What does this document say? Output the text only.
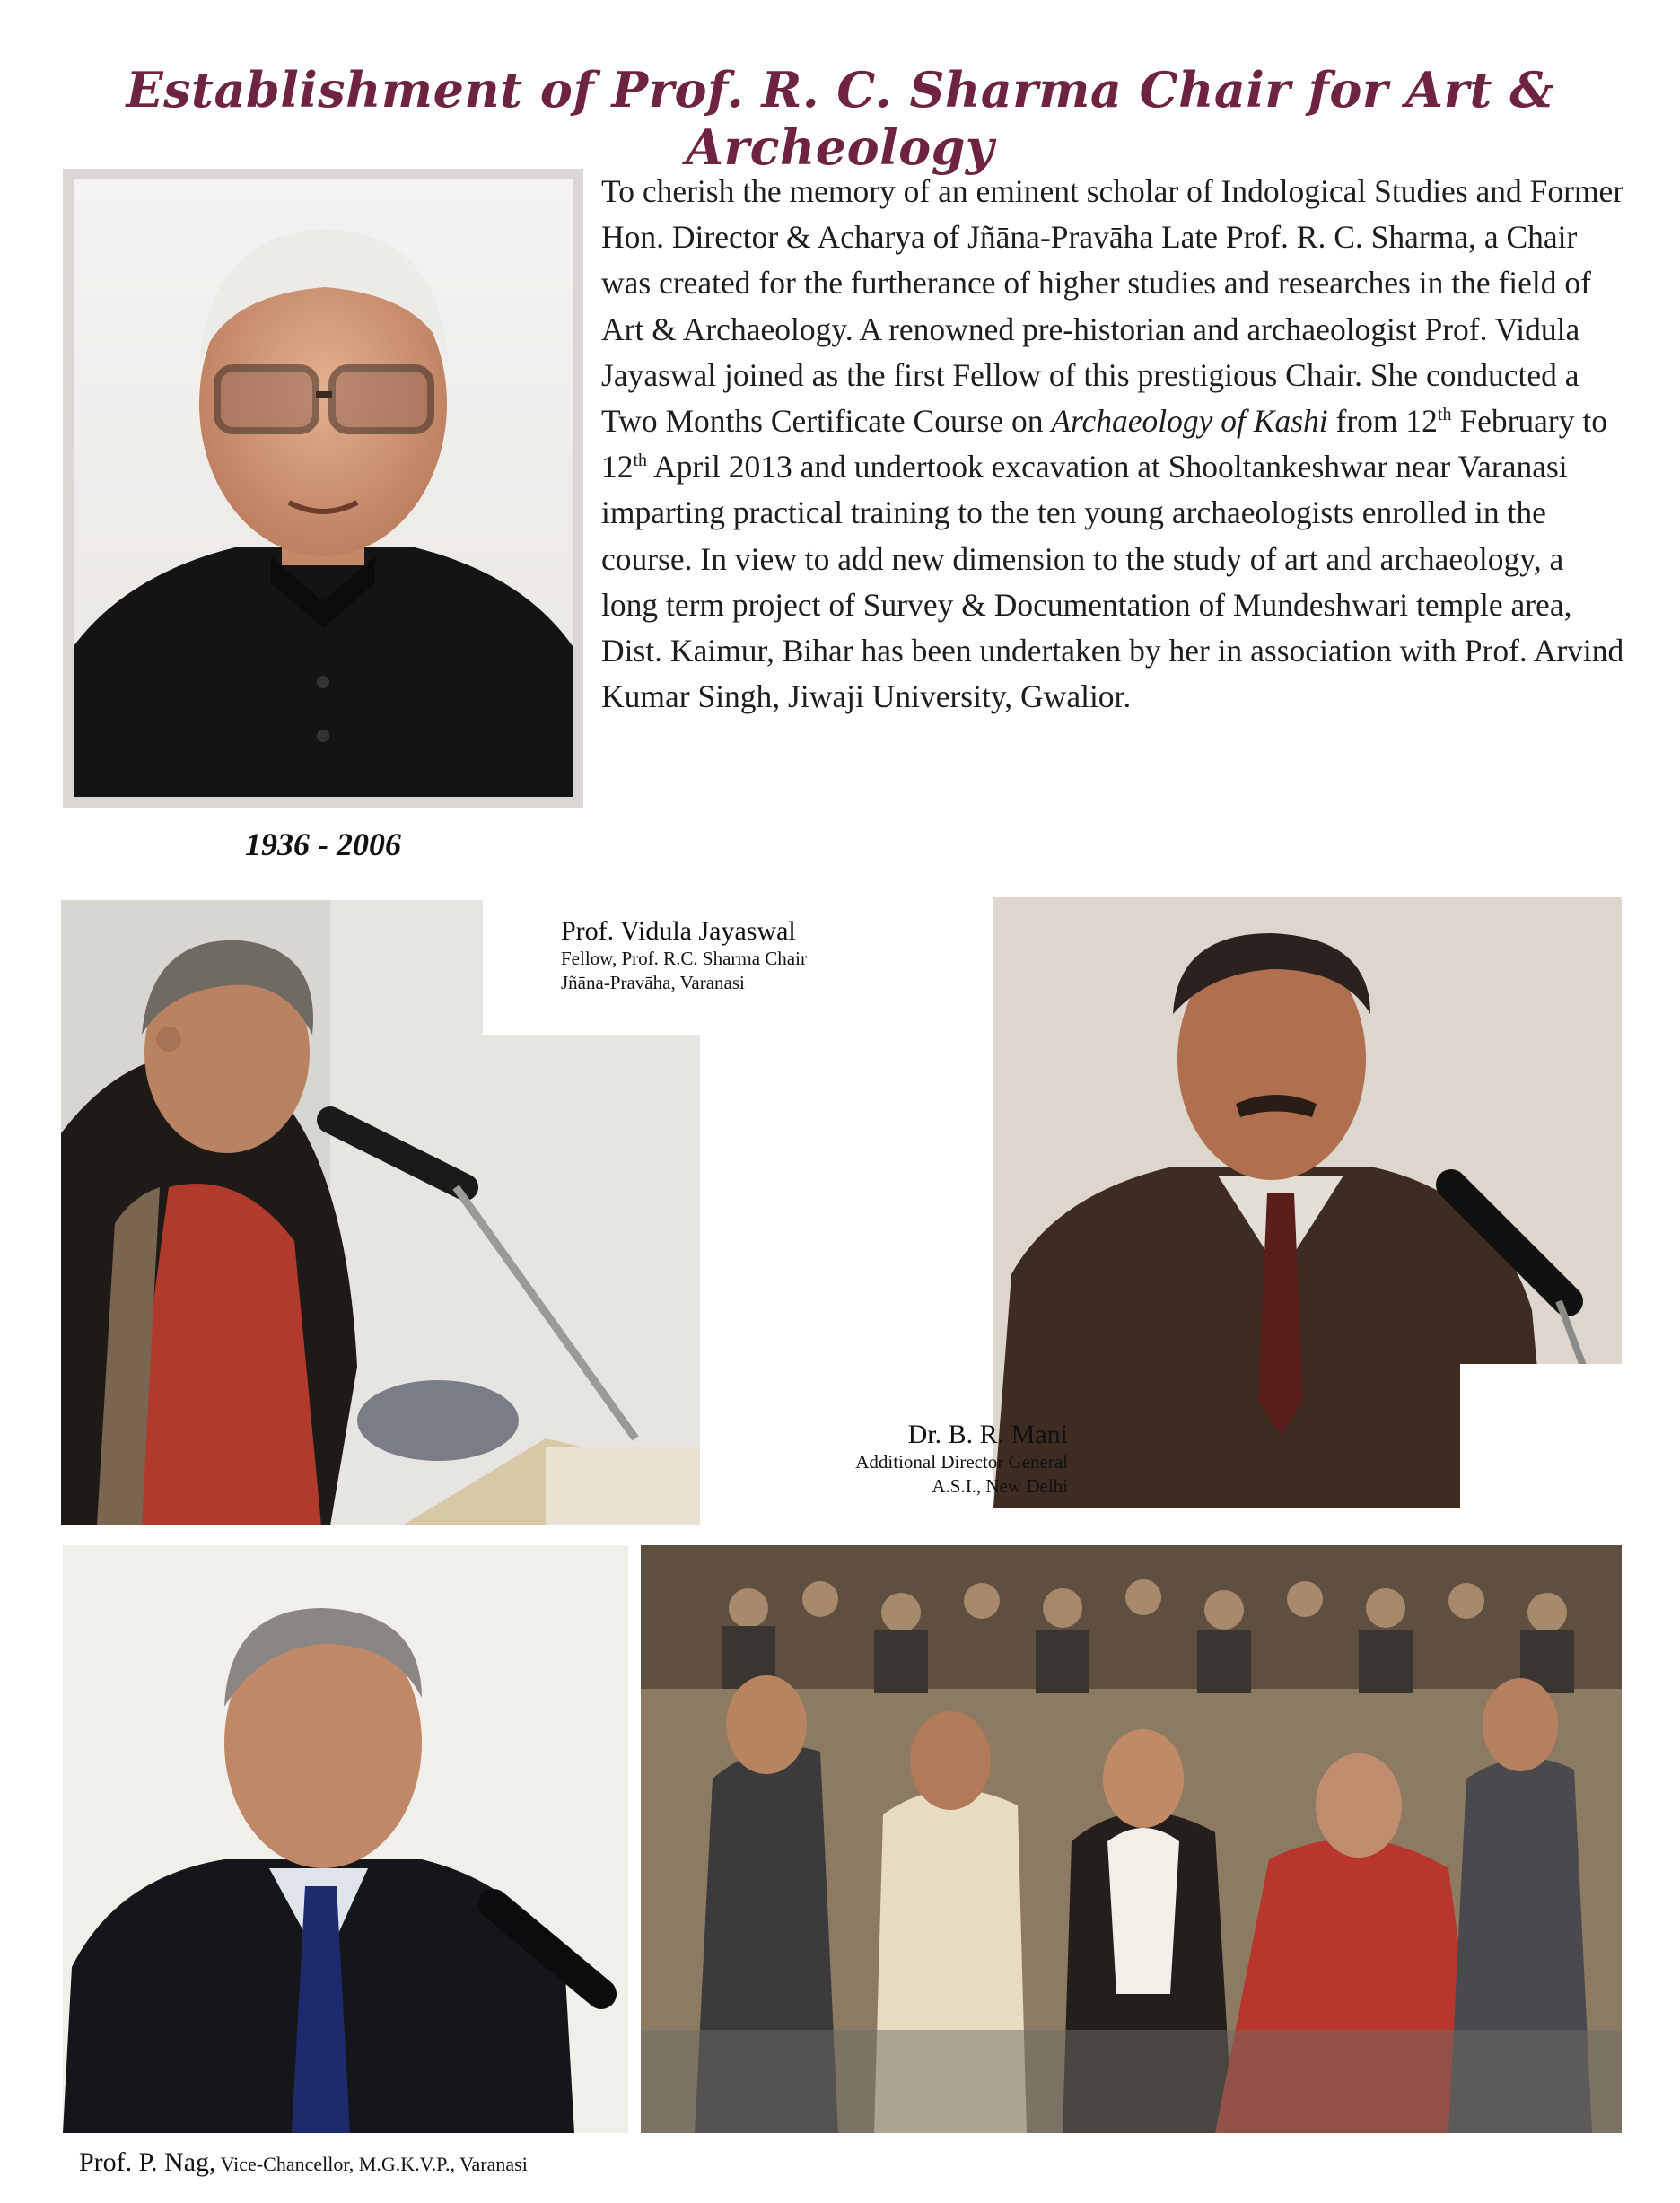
Establishment of Prof. R. C. Sharma Chair for Art & Archeology
1936 - 2006

To cherish the memory of an eminent scholar of Indological Studies and Former Hon. Director & Acharya of Jñāna-Pravāha Late Prof. R. C. Sharma, a Chair was created for the furtherance of higher studies and researches in the field of Art & Archaeology. A renowned pre-historian and archaeologist Prof. Vidula Jayaswal joined as the first Fellow of this prestigious Chair. She conducted a Two Months Certificate Course on Archaeology of Kashi from 12th February to 12th April 2013 and undertook excavation at Shooltankeshwar near Varanasi imparting practical training to the ten young archaeologists enrolled in the course. In view to add new dimension to the study of art and archaeology, a long term project of Survey & Documentation of Mundeshwari temple area, Dist. Kaimur, Bihar has been undertaken by her in association with Prof. Arvind Kumar Singh, Jiwaji University, Gwalior.

Prof. Vidula Jayaswal
Fellow, Prof. R.C. Sharma Chair
Jñāna-Pravāha, Varanasi
Dr. B. R. Mani
Additional Director General
A.S.I., New Delhi
Prof. P. Nag, Vice-Chancellor, M.G.K.V.P., Varanasi
